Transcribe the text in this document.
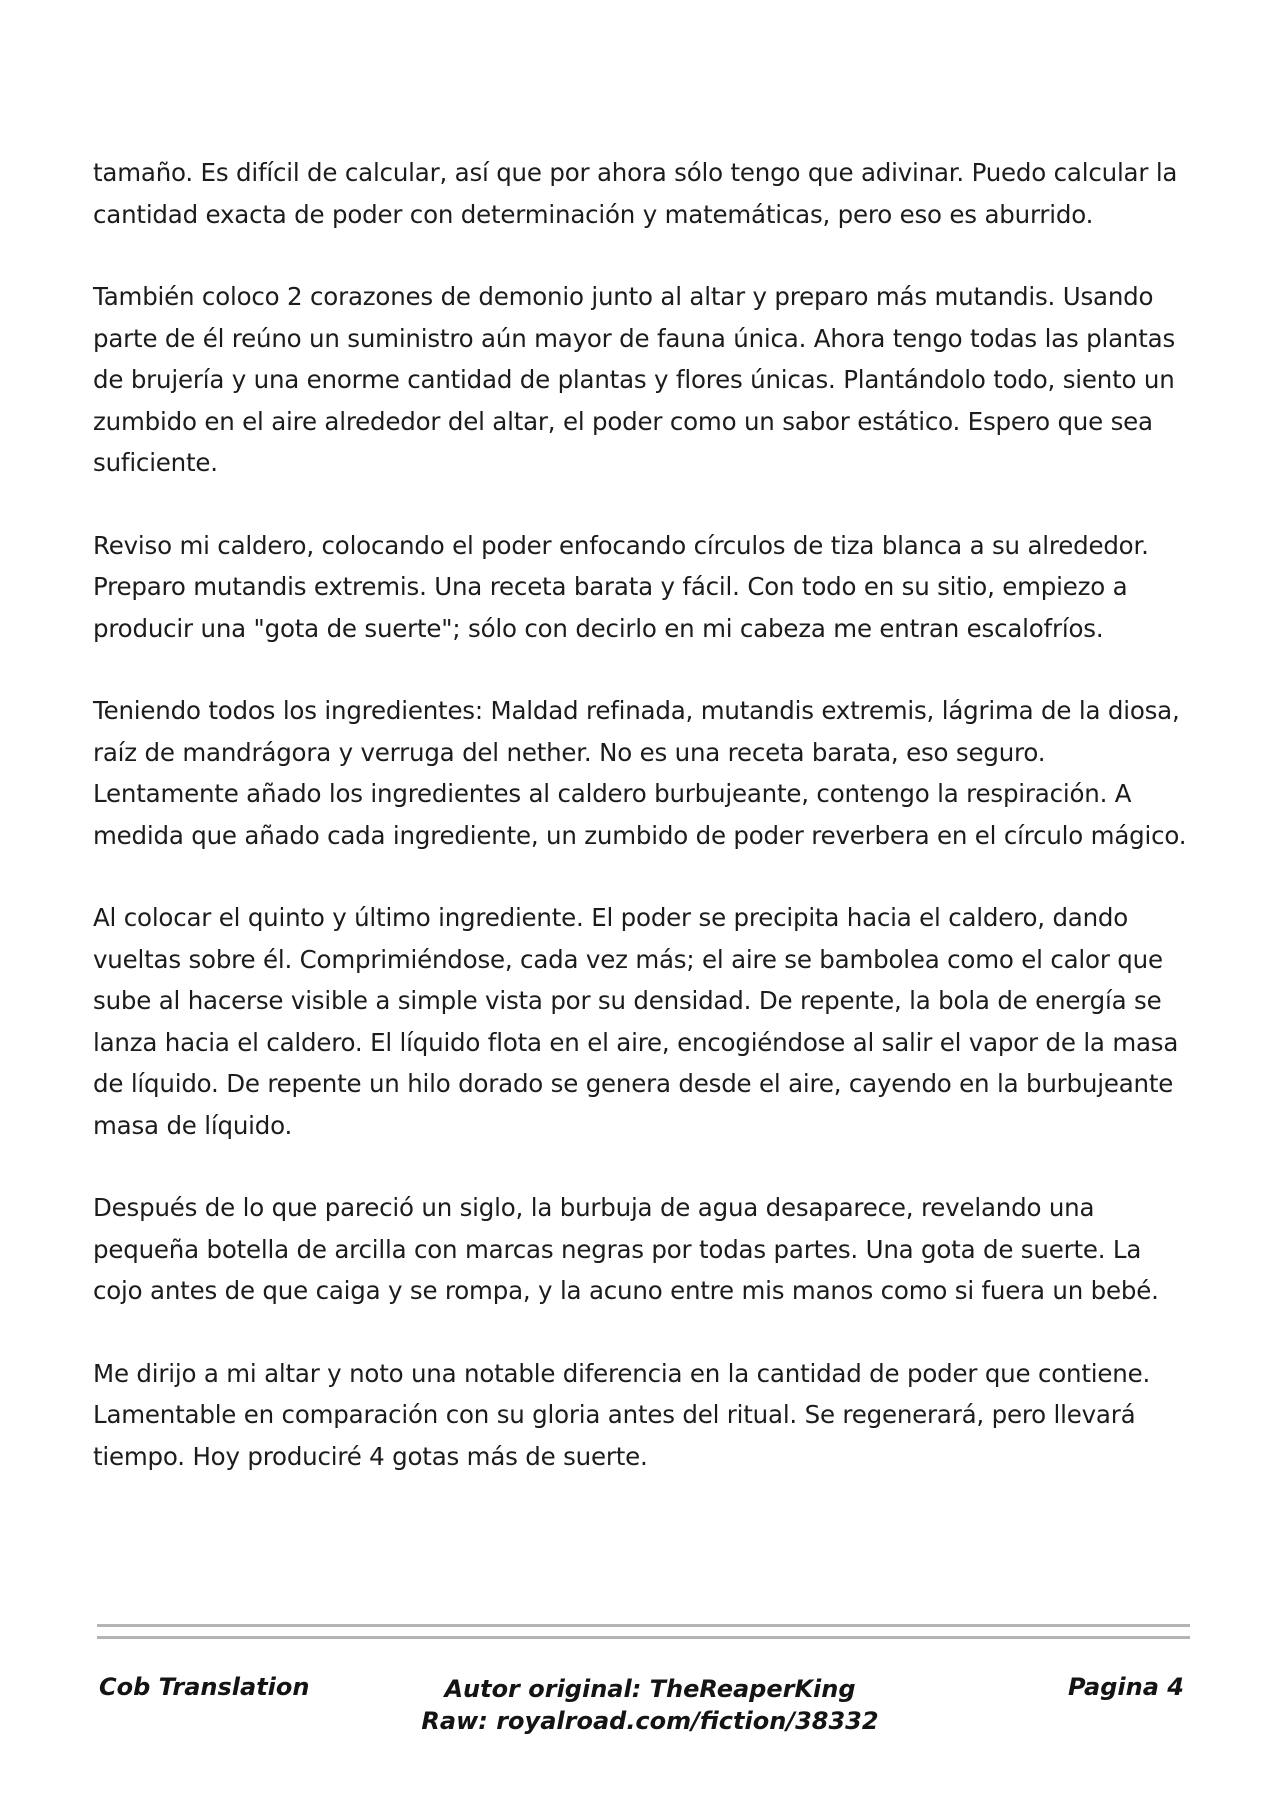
tamaño. Es difícil de calcular, así que por ahora sólo tengo que adivinar. Puedo calcular la cantidad exacta de poder con determinación y matemáticas, pero eso es aburrido.

También coloco 2 corazones de demonio junto al altar y preparo más mutandis. Usando parte de él reúno un suministro aún mayor de fauna única. Ahora tengo todas las plantas de brujería y una enorme cantidad de plantas y flores únicas. Plantándolo todo, siento un zumbido en el aire alrededor del altar, el poder como un sabor estático. Espero que sea suficiente.

Reviso mi caldero, colocando el poder enfocando círculos de tiza blanca a su alrededor. Preparo mutandis extremis. Una receta barata y fácil. Con todo en su sitio, empiezo a producir una "gota de suerte"; sólo con decirlo en mi cabeza me entran escalofríos.

Teniendo todos los ingredientes: Maldad refinada, mutandis extremis, lágrima de la diosa, raíz de mandrágora y verruga del nether. No es una receta barata, eso seguro. Lentamente añado los ingredientes al caldero burbujeante, contengo la respiración. A medida que añado cada ingrediente, un zumbido de poder reverbera en el círculo mágico.

Al colocar el quinto y último ingrediente. El poder se precipita hacia el caldero, dando vueltas sobre él. Comprimiéndose, cada vez más; el aire se bambolea como el calor que sube al hacerse visible a simple vista por su densidad. De repente, la bola de energía se lanza hacia el caldero. El líquido flota en el aire, encogiéndose al salir el vapor de la masa de líquido. De repente un hilo dorado se genera desde el aire, cayendo en la burbujeante masa de líquido.

Después de lo que pareció un siglo, la burbuja de agua desaparece, revelando una pequeña botella de arcilla con marcas negras por todas partes. Una gota de suerte. La cojo antes de que caiga y se rompa, y la acuno entre mis manos como si fuera un bebé.

Me dirijo a mi altar y noto una notable diferencia en la cantidad de poder que contiene. Lamentable en comparación con su gloria antes del ritual. Se regenerará, pero llevará tiempo. Hoy produciré 4 gotas más de suerte.

Cob Translation	Autor original: TheReaperKing
Raw: royalroad.com/fiction/38332
Pagina 4
